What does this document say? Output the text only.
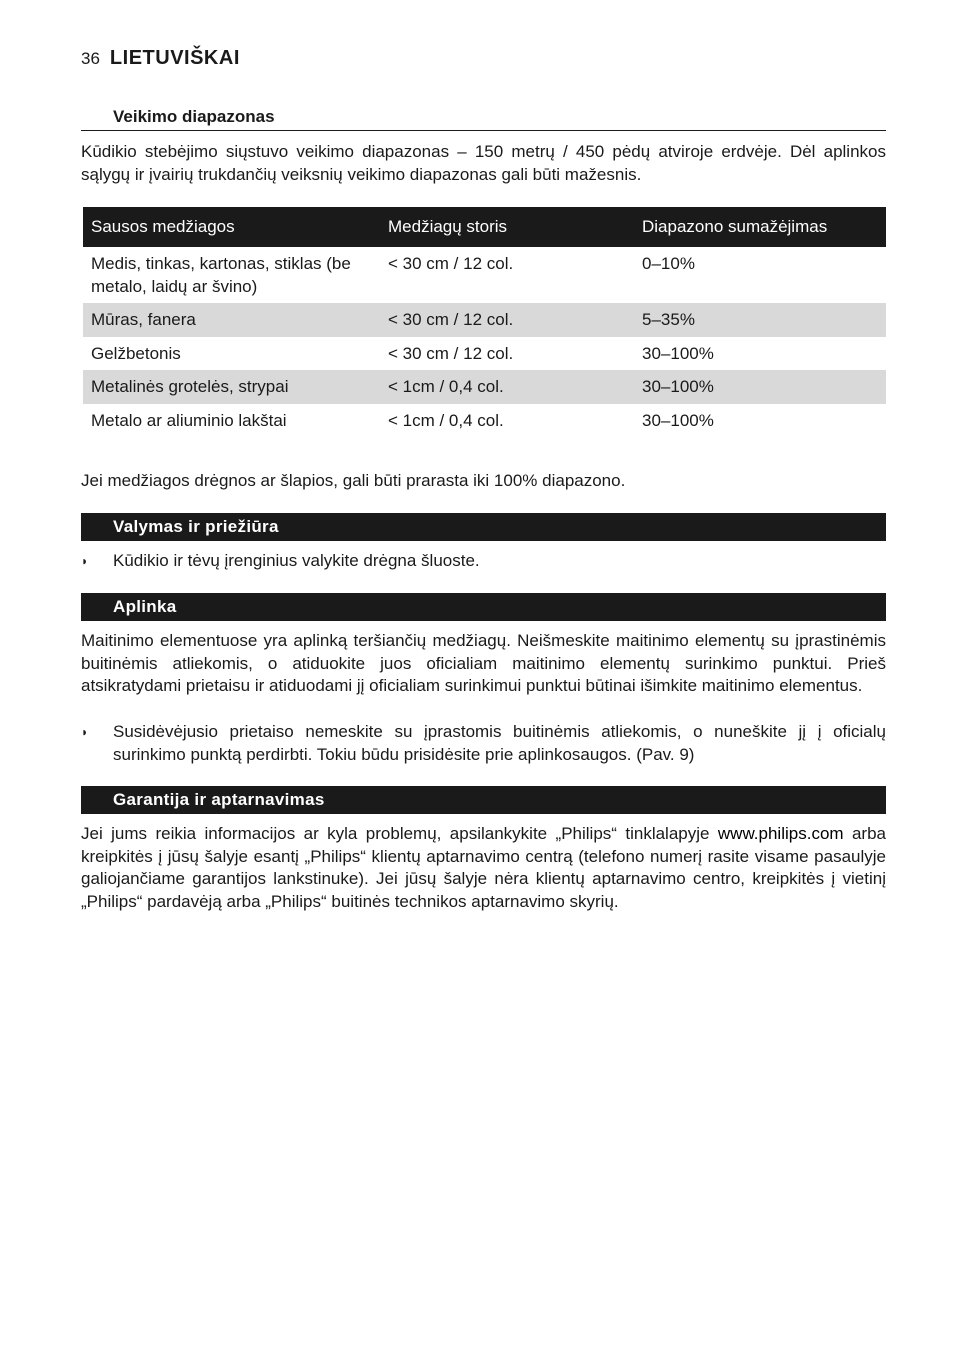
36 LIETUVIŠKAI
Veikimo diapazonas
Kūdikio stebėjimo siųstuvo veikimo diapazonas – 150 metrų / 450 pėdų atviroje erdvėje. Dėl aplinkos sąlygų ir įvairių trukdančių veiksnių veikimo diapazonas gali būti mažesnis.
Sausos medžiagos	Medžiagų storis	Diapazono sumažėjimas
Medis, tinkas, kartonas, stiklas (be metalo, laidų ar švino)	< 30 cm / 12 col.	0–10%
Mūras, fanera	< 30 cm / 12 col.	5–35%
Gelžbetonis	< 30 cm / 12 col.	30–100%
Metalinės grotelės, strypai	< 1cm / 0,4 col.	30–100%
Metalo ar aliuminio lakštai	< 1cm / 0,4 col.	30–100%
Jei medžiagos drėgnos ar šlapios, gali būti prarasta iki 100% diapazono.
Valymas ir priežiūra
◗ Kūdikio ir tėvų įrenginius valykite drėgna šluoste.
Aplinka
Maitinimo elementuose yra aplinką teršiančių medžiagų. Neišmeskite maitinimo elementų su įprastinėmis buitinėmis atliekomis, o atiduokite juos oficialiam maitinimo elementų surinkimo punktui. Prieš atsikratydami prietaisu ir atiduodami jį oficialiam surinkimui punktui būtinai išimkite maitinimo elementus.
◗ Susidėvėjusio prietaiso nemeskite su įprastomis buitinėmis atliekomis, o nuneškite jį į oficialų surinkimo punktą perdirbti. Tokiu būdu prisidėsite prie aplinkosaugos. (Pav. 9)
Garantija ir aptarnavimas
Jei jums reikia informacijos ar kyla problemų, apsilankykite „Philips“ tinklalapyje www.philips.com arba kreipkitės į jūsų šalyje esantį „Philips“ klientų aptarnavimo centrą (telefono numerį rasite visame pasaulyje galiojančiame garantijos lankstinuke). Jei jūsų šalyje nėra klientų aptarnavimo centro, kreipkitės į vietinį „Philips“ pardavėją arba „Philips“ buitinės technikos aptarnavimo skyrių.
